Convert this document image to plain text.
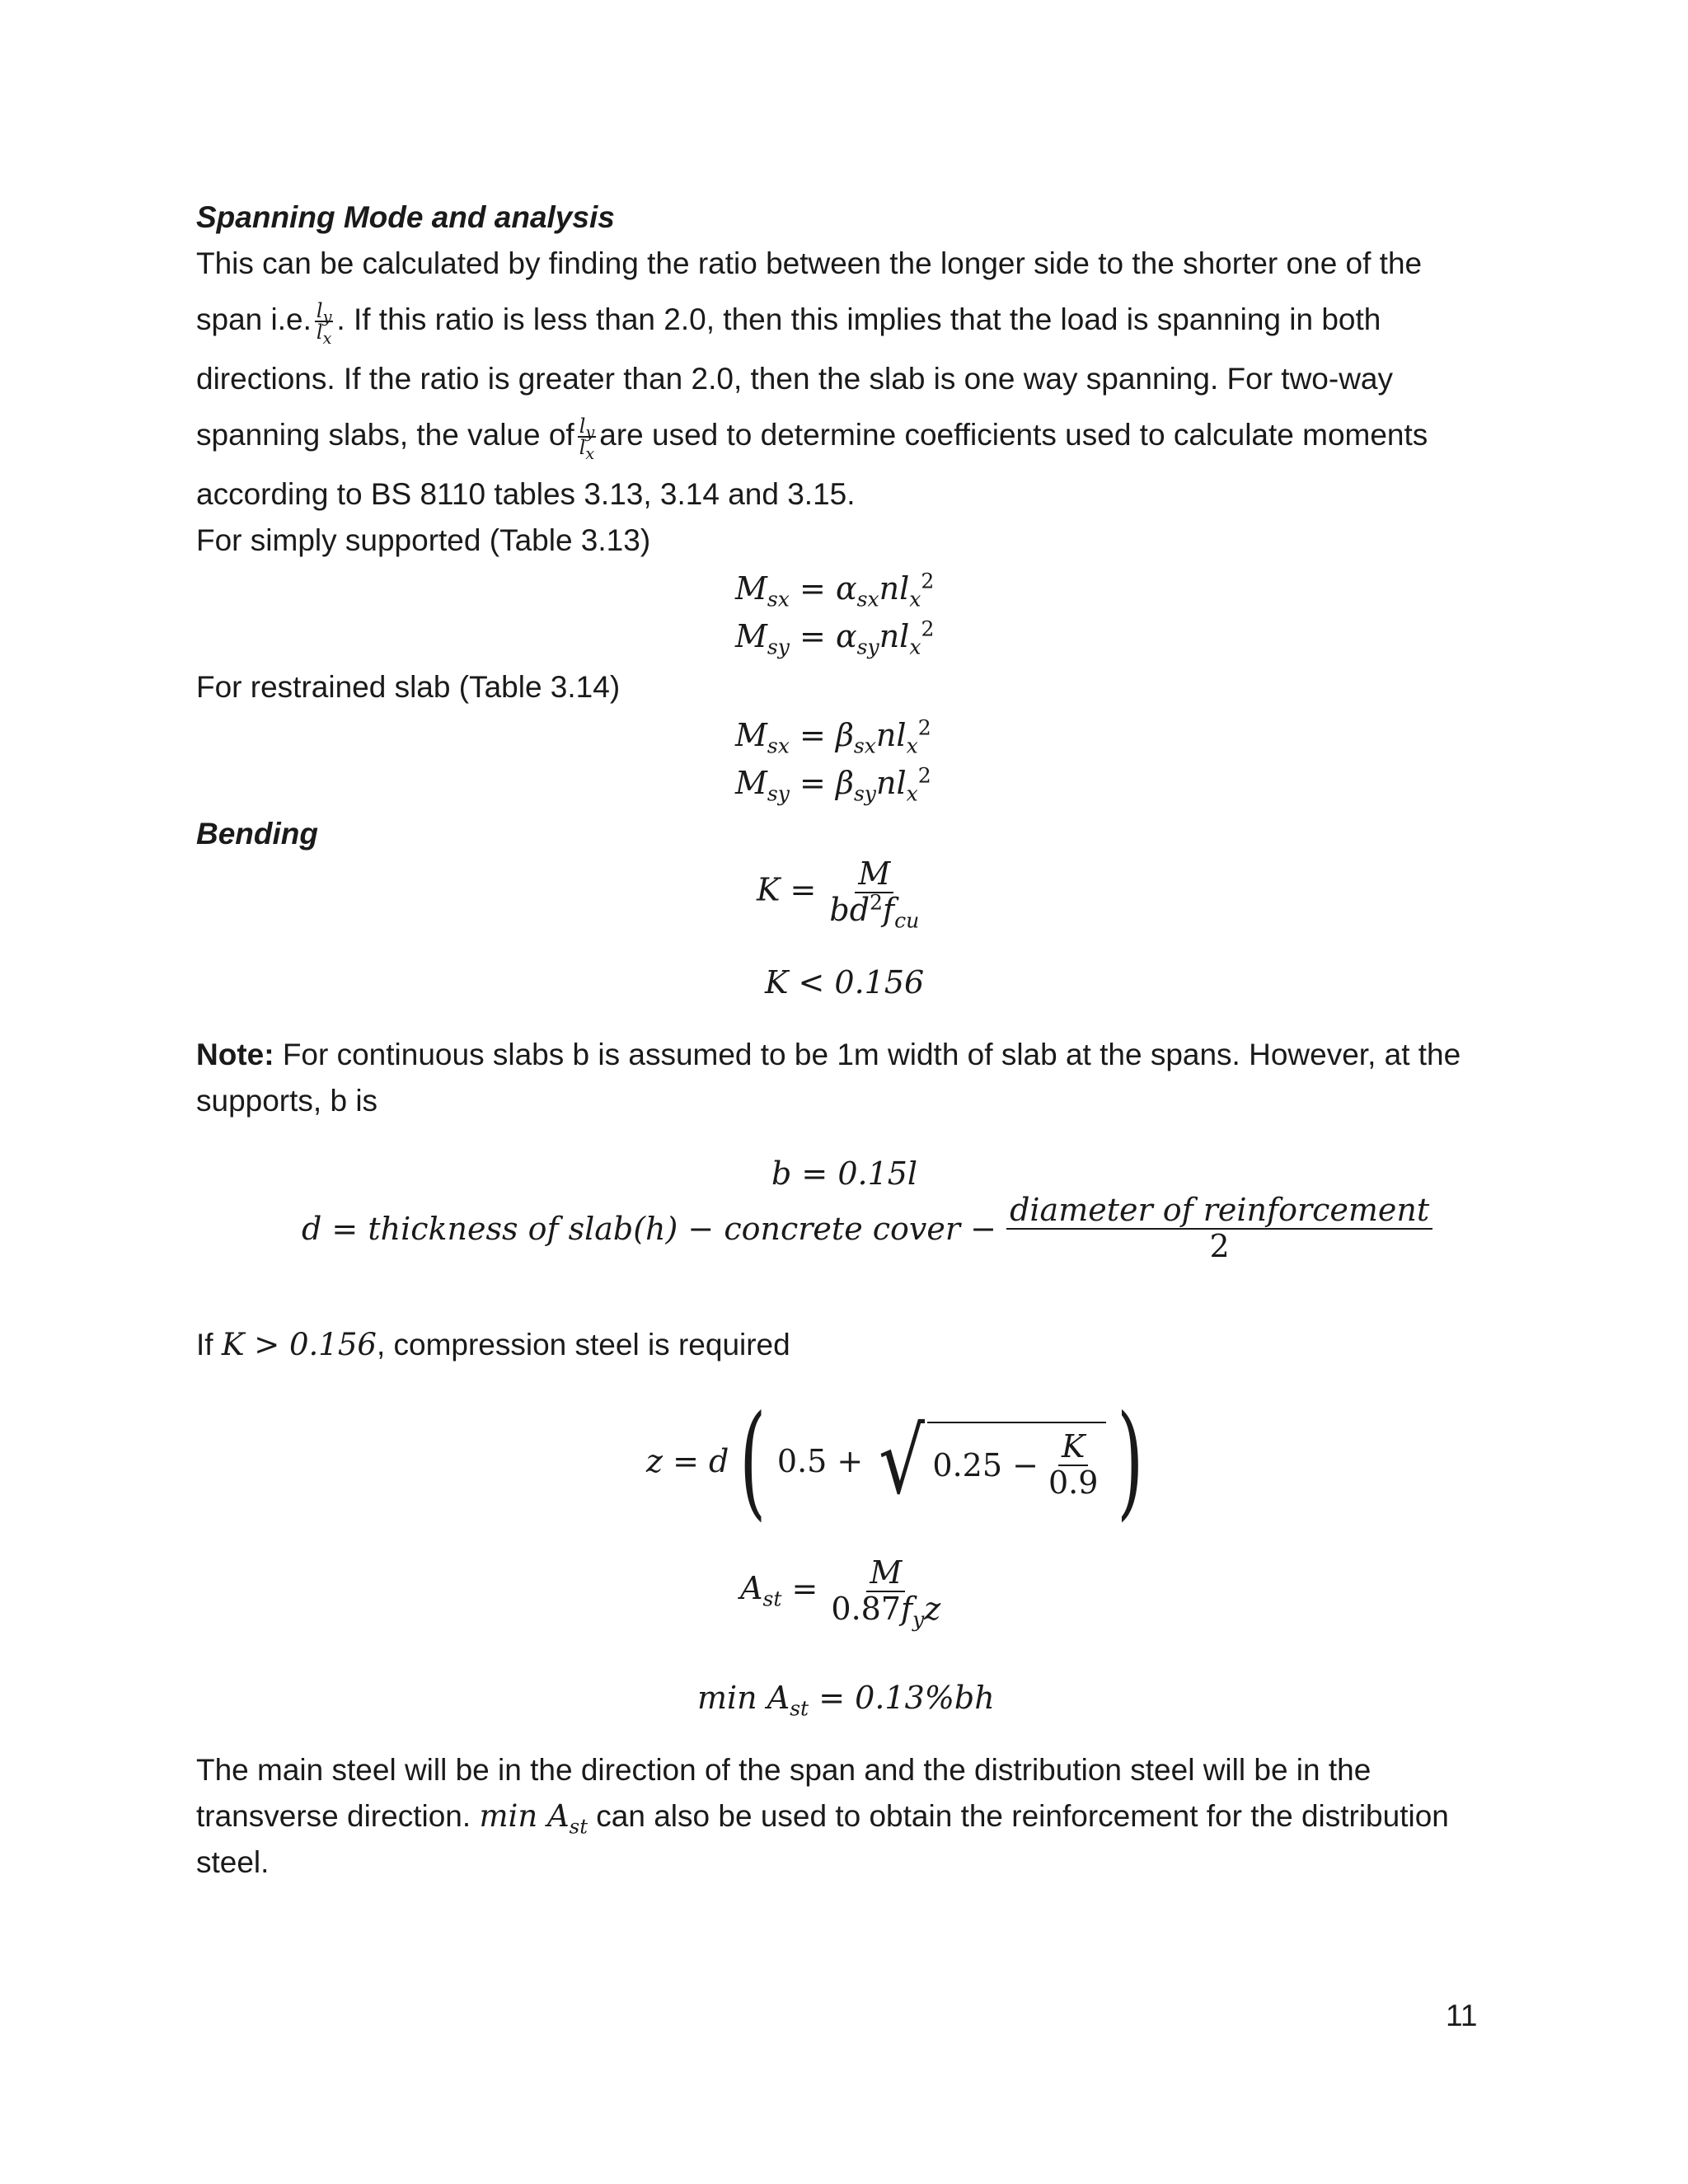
Spanning Mode and analysis
This can be calculated by finding the ratio between the longer side to the shorter one of the
span i.e. $\frac{l_y}{l_x}$ . If this ratio is less than 2.0, then this implies that the load is spanning in both
directions. If the ratio is greater than 2.0, then the slab is one way spanning. For two-way
spanning slabs, the value of $\frac{l_y}{l_x}$ are used to determine coefficients used to calculate moments
according to BS 8110 tables 3.13, 3.14 and 3.15.
For simply supported (Table 3.13)
$M_{sx} = \alpha_{sx}nl_x^2$
$M_{sy} = \alpha_{sy}nl_x^2$
For restrained slab (Table 3.14)
$M_{sx} = \beta_{sx}nl_x^2$
$M_{sy} = \beta_{sy}nl_x^2$
Bending
$K = \frac{M}{bd^2f_{cu}}$
K < 0.156
Note: For continuous slabs b is assumed to be 1m width of slab at the spans. However, at the
supports, b is
b = 0.15l
d = thickness of slab(h) − concrete cover − $\frac{\text{diameter of reinforcement}}{2}$
If K > 0.156, compression steel is required
z = d ( 0.5 + √ $0.25 - \frac{K}{0.9}$ )
$A_{st} = \frac{M}{0.87f_yz}$
$\min A_{st} = 0.13\%bh$
The main steel will be in the direction of the span and the distribution steel will be in the
transverse direction. $\min A_{st}$ can also be used to obtain the reinforcement for the distribution
steel.
11
